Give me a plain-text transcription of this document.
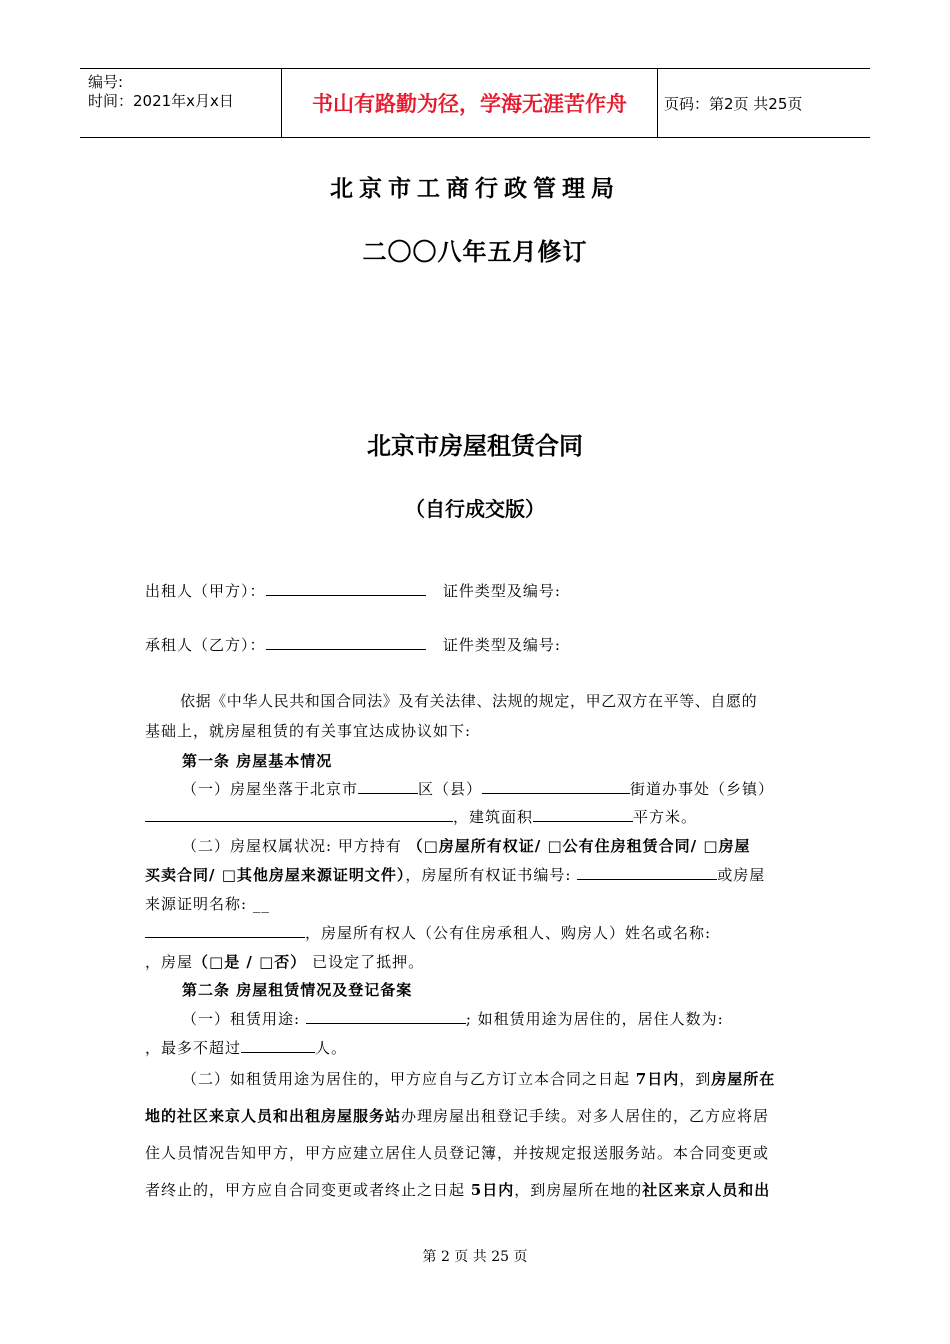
编号:
时间：2021年x月x日	书山有路勤为径，学海无涯苦作舟	页码：第2页 共25页
北京市工商行政管理局
二〇〇八年五月修订
北京市房屋租赁合同
（自行成交版）
出租人（甲方）：	证件类型及编号:
承租人（乙方）：	证件类型及编号:
依据《中华人民共和国合同法》及有关法律、法规的规定，甲乙双方在平等、自愿的
基础上，就房屋租赁的有关事宜达成协议如下:
第一条 房屋基本情况
（一）房屋坐落于北京市	区（县）	街道办事处（乡镇）
，建筑面积	平方米。
（二）房屋权属状况: 甲方持有 （□房屋所有权证/ □公有住房租赁合同/ □房屋
买卖合同/ □其他房屋来源证明文件），房屋所有权证书编号:	或房屋
来源证明名称: __
，房屋所有权人（公有住房承租人、购房人）姓名或名称:
，房屋（□是 / □否） 已设定了抵押。
第二条 房屋租赁情况及登记备案
（一）租赁用途:	; 如租赁用途为居住的，居住人数为:
，最多不超过	人。
（二）如租赁用途为居住的，甲方应自与乙方订立本合同之日起 7日内，到房屋所在
地的社区来京人员和出租房屋服务站办理房屋出租登记手续。对多人居住的，乙方应将居
住人员情况告知甲方，甲方应建立居住人员登记簿，并按规定报送服务站。本合同变更或
者终止的，甲方应自合同变更或者终止之日起 5日内，到房屋所在地的社区来京人员和出
第 2 页 共 25 页
